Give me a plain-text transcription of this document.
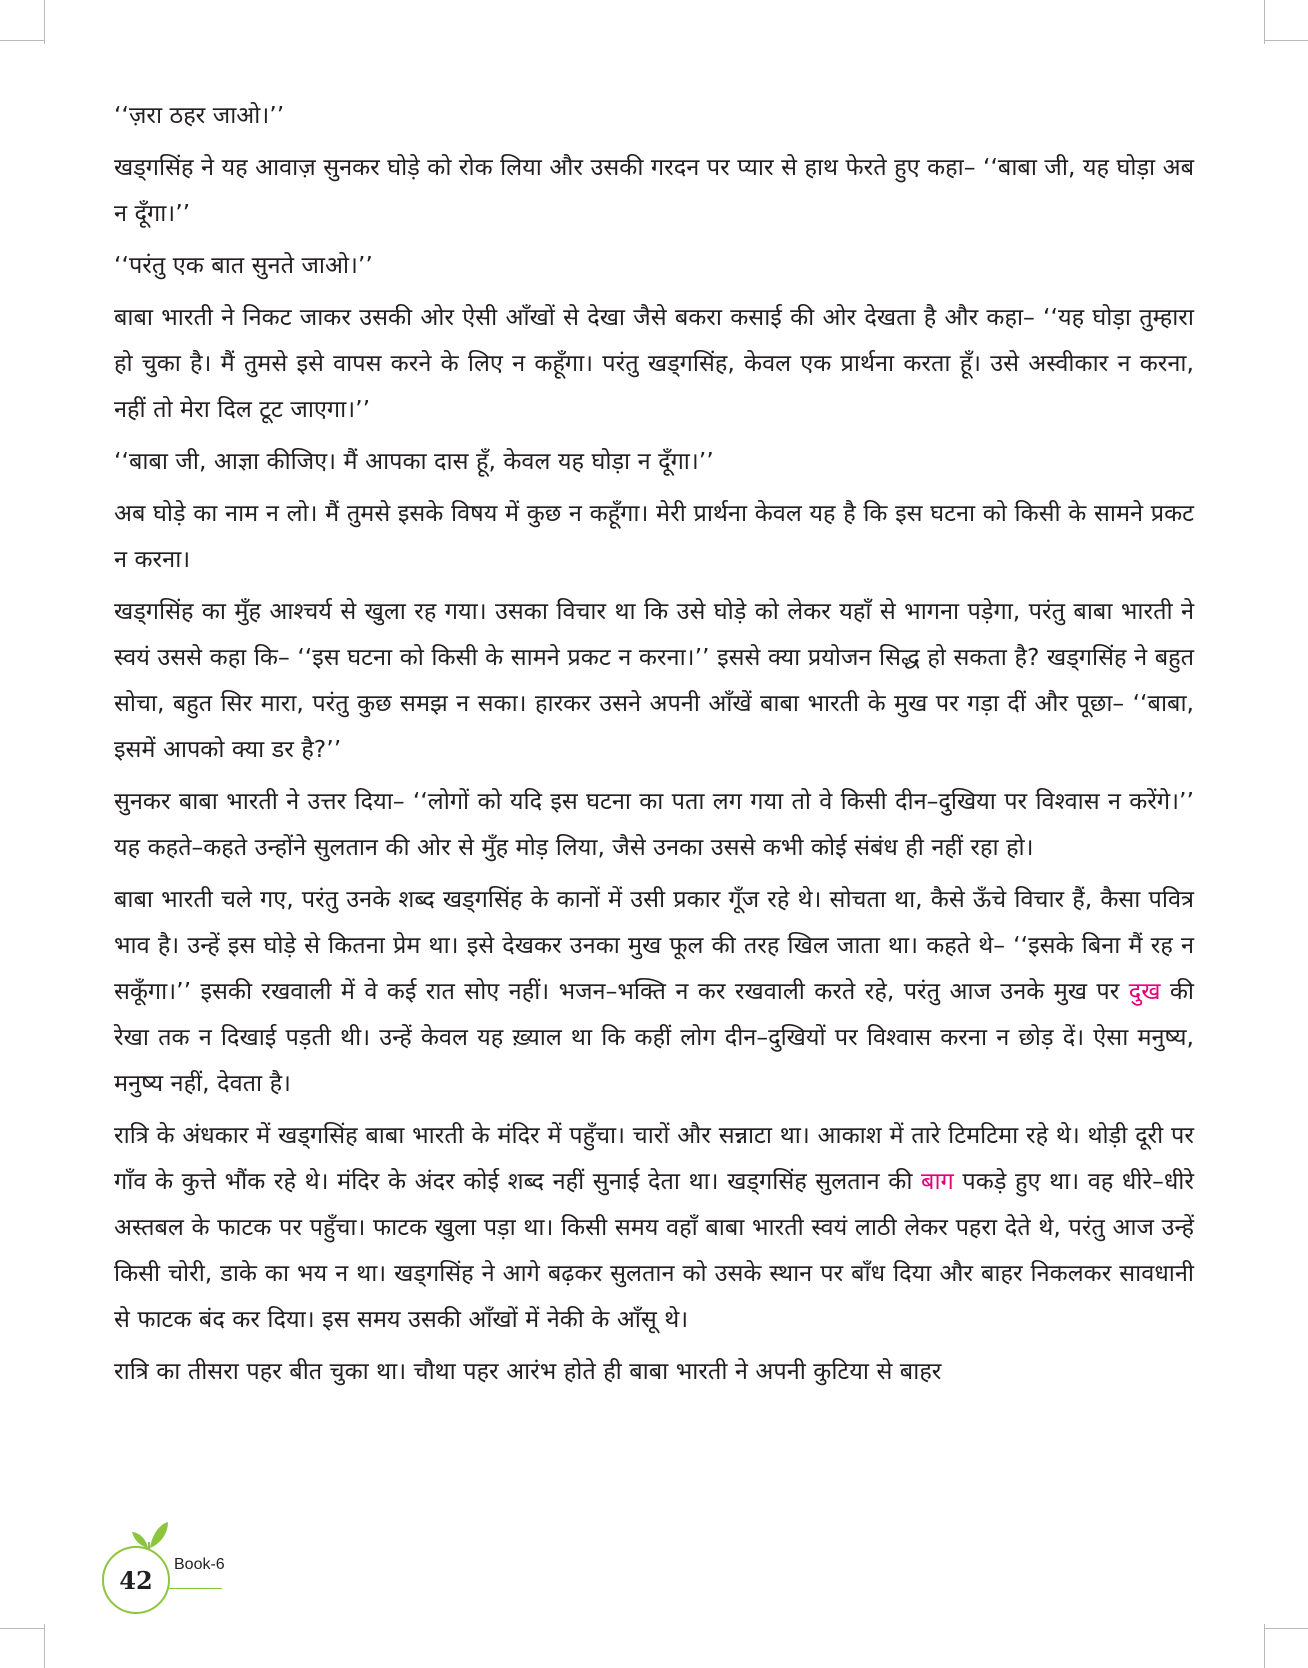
‘‘ज़रा ठहर जाओ।’’

खड्गसिंह ने यह आवाज़ सुनकर घोड़े को रोक लिया और उसकी गरदन पर प्यार से हाथ फेरते हुए कहा– ‘‘बाबा जी, यह घोड़ा अब न दूँगा।’’

‘‘परंतु एक बात सुनते जाओ।’’

बाबा भारती ने निकट जाकर उसकी ओर ऐसी आँखों से देखा जैसे बकरा कसाई की ओर देखता है और कहा– ‘‘यह घोड़ा तुम्हारा हो चुका है। मैं तुमसे इसे वापस करने के लिए न कहूँगा। परंतु खड्गसिंह, केवल एक प्रार्थना करता हूँ। उसे अस्वीकार न करना, नहीं तो मेरा दिल टूट जाएगा।’’

‘‘बाबा जी, आज्ञा कीजिए। मैं आपका दास हूँ, केवल यह घोड़ा न दूँगा।’’

अब घोड़े का नाम न लो। मैं तुमसे इसके विषय में कुछ न कहूँगा। मेरी प्रार्थना केवल यह है कि इस घटना को किसी के सामने प्रकट न करना।

खड्गसिंह का मुँह आश्चर्य से खुला रह गया। उसका विचार था कि उसे घोड़े को लेकर यहाँ से भागना पड़ेगा, परंतु बाबा भारती ने स्वयं उससे कहा कि– ‘‘इस घटना को किसी के सामने प्रकट न करना।’’ इससे क्या प्रयोजन सिद्ध हो सकता है? खड्गसिंह ने बहुत सोचा, बहुत सिर मारा, परंतु कुछ समझ न सका। हारकर उसने अपनी आँखें बाबा भारती के मुख पर गड़ा दीं और पूछा– ‘‘बाबा, इसमें आपको क्या डर है?’’

सुनकर बाबा भारती ने उत्तर दिया– ‘‘लोगों को यदि इस घटना का पता लग गया तो वे किसी दीन–दुखिया पर विश्वास न करेंगे।’’ यह कहते–कहते उन्होंने सुलतान की ओर से मुँह मोड़ लिया, जैसे उनका उससे कभी कोई संबंध ही नहीं रहा हो।

बाबा भारती चले गए, परंतु उनके शब्द खड्गसिंह के कानों में उसी प्रकार गूँज रहे थे। सोचता था, कैसे ऊँचे विचार हैं, कैसा पवित्र भाव है। उन्हें इस घोड़े से कितना प्रेम था। इसे देखकर उनका मुख फूल की तरह खिल जाता था। कहते थे– ‘‘इसके बिना मैं रह न सकूँगा।’’ इसकी रखवाली में वे कई रात सोए नहीं। भजन–भक्ति न कर रखवाली करते रहे, परंतु आज उनके मुख पर दुख की रेखा तक न दिखाई पड़ती थी। उन्हें केवल यह ख़्याल था कि कहीं लोग दीन–दुखियों पर विश्वास करना न छोड़ दें। ऐसा मनुष्य, मनुष्य नहीं, देवता है।

रात्रि के अंधकार में खड्गसिंह बाबा भारती के मंदिर में पहुँचा। चारों और सन्नाटा था। आकाश में तारे टिमटिमा रहे थे। थोड़ी दूरी पर गाँव के कुत्ते भौंक रहे थे। मंदिर के अंदर कोई शब्द नहीं सुनाई देता था। खड्गसिंह सुलतान की बाग पकड़े हुए था। वह धीरे–धीरे अस्तबल के फाटक पर पहुँचा। फाटक खुला पड़ा था। किसी समय वहाँ बाबा भारती स्वयं लाठी लेकर पहरा देते थे, परंतु आज उन्हें किसी चोरी, डाके का भय न था। खड्गसिंह ने आगे बढ़कर सुलतान को उसके स्थान पर बाँध दिया और बाहर निकलकर सावधानी से फाटक बंद कर दिया। इस समय उसकी आँखों में नेकी के आँसू थे।

रात्रि का तीसरा पहर बीत चुका था। चौथा पहर आरंभ होते ही बाबा भारती ने अपनी कुटिया से बाहर

42
Book-6
